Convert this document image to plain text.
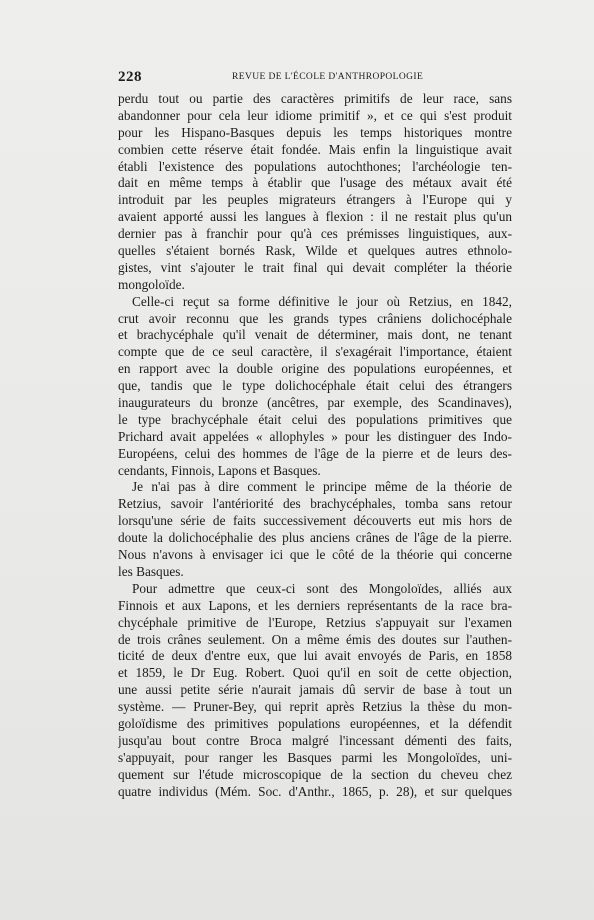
228	REVUE DE L'ÉCOLE D'ANTHROPOLOGIE
perdu tout ou partie des caractères primitifs de leur race, sans
abandonner pour cela leur idiome primitif », et ce qui s'est produit
pour les Hispano-Basques depuis les temps historiques montre
combien cette réserve était fondée. Mais enfin la linguistique avait
établi l'existence des populations autochthones; l'archéologie ten-
dait en même temps à établir que l'usage des métaux avait été
introduit par les peuples migrateurs étrangers à l'Europe qui y
avaient apporté aussi les langues à flexion : il ne restait plus qu'un
dernier pas à franchir pour qu'à ces prémisses linguistiques, aux-
quelles s'étaient bornés Rask, Wilde et quelques autres ethnolo-
gistes, vint s'ajouter le trait final qui devait compléter la théorie
mongoloïde.
Celle-ci reçut sa forme définitive le jour où Retzius, en 1842,
crut avoir reconnu que les grands types crâniens dolichocéphale
et brachycéphale qu'il venait de déterminer, mais dont, ne tenant
compte que de ce seul caractère, il s'exagérait l'importance, étaient
en rapport avec la double origine des populations européennes, et
que, tandis que le type dolichocéphale était celui des étrangers
inaugurateurs du bronze (ancêtres, par exemple, des Scandinaves),
le type brachycéphale était celui des populations primitives que
Prichard avait appelées « allophyles » pour les distinguer des Indo-
Européens, celui des hommes de l'âge de la pierre et de leurs des-
cendants, Finnois, Lapons et Basques.
Je n'ai pas à dire comment le principe même de la théorie de
Retzius, savoir l'antériorité des brachycéphales, tomba sans retour
lorsqu'une série de faits successivement découverts eut mis hors de
doute la dolichocéphalie des plus anciens crânes de l'âge de la pierre.
Nous n'avons à envisager ici que le côté de la théorie qui concerne
les Basques.
Pour admettre que ceux-ci sont des Mongoloïdes, alliés aux
Finnois et aux Lapons, et les derniers représentants de la race bra-
chycéphale primitive de l'Europe, Retzius s'appuyait sur l'examen
de trois crânes seulement. On a même émis des doutes sur l'authen-
ticité de deux d'entre eux, que lui avait envoyés de Paris, en 1858
et 1859, le Dr Eug. Robert. Quoi qu'il en soit de cette objection,
une aussi petite série n'aurait jamais dû servir de base à tout un
système. — Pruner-Bey, qui reprit après Retzius la thèse du mon-
goloïdisme des primitives populations européennes, et la défendit
jusqu'au bout contre Broca malgré l'incessant démenti des faits,
s'appuyait, pour ranger les Basques parmi les Mongoloïdes, uni-
quement sur l'étude microscopique de la section du cheveu chez
quatre individus (Mém. Soc. d'Anthr., 1865, p. 28), et sur quelques
